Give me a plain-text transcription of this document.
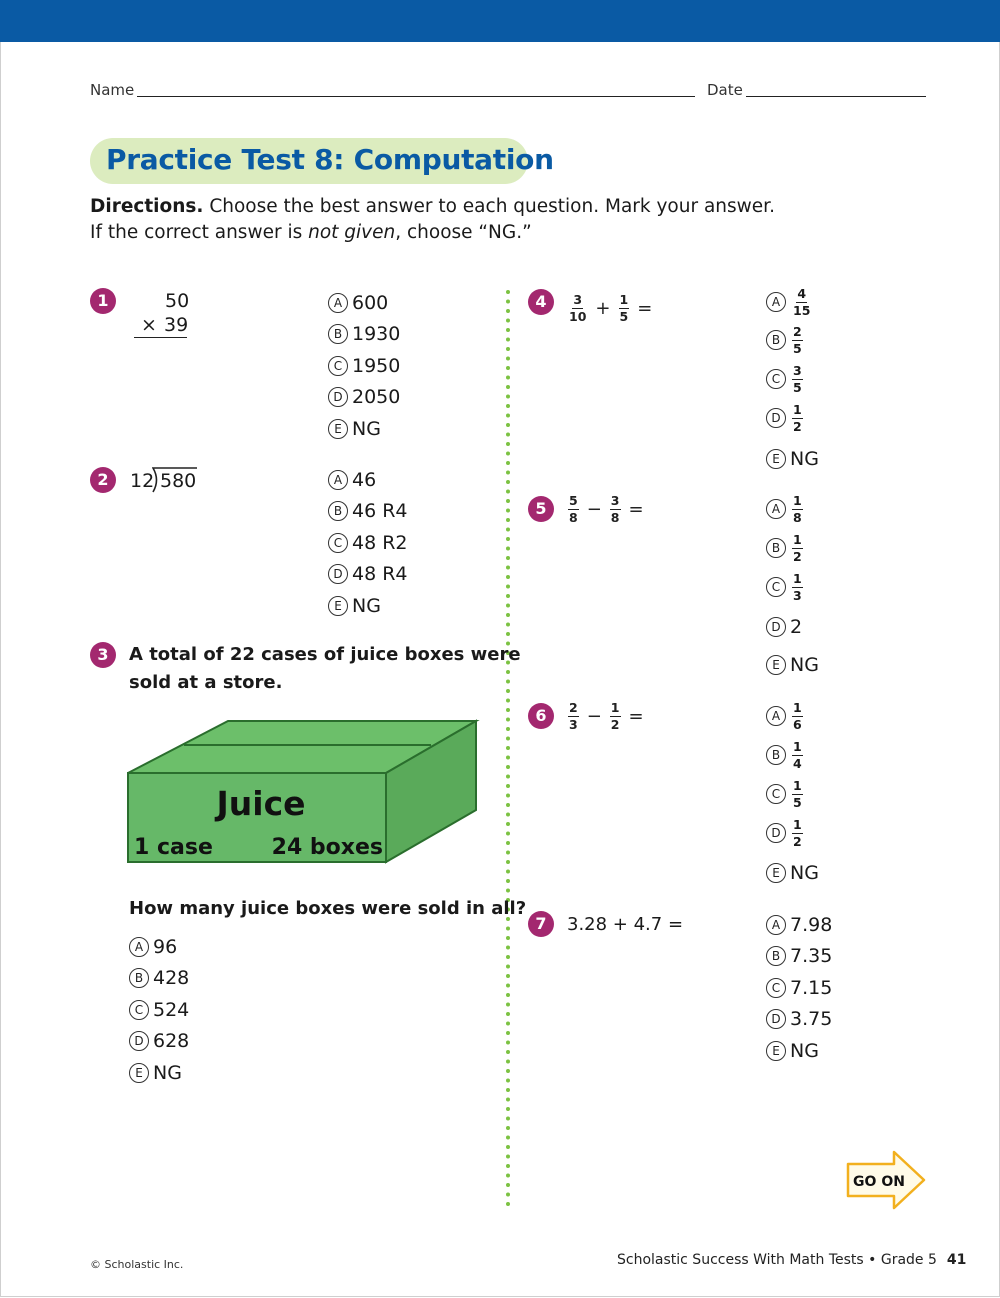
Name	Date
Practice Test 8: Computation
Directions. Choose the best answer to each question. Mark your answer.
If the correct answer is not given, choose “NG.”
1	50
× 39
A 600
B 1930
C 1950
D 2050
E NG
2	12 580	A 46
B 46 R4
C 48 R2
D 48 R4
E NG
3	A total of 22 cases of juice boxes were
sold at a store.
Juice
1 case	24 boxes
How many juice boxes were sold in all?
A 96
B 428
C 524
D 628
E NG
4	$\frac{3}{10} + \frac{1}{5}$ =	A $\frac{4}{15}$
B $\frac{2}{5}$
C $\frac{3}{5}$
D $\frac{1}{2}$
E NG
5	$\frac{5}{8} - \frac{3}{8}$ =	A $\frac{1}{8}$
B $\frac{1}{2}$
C $\frac{1}{3}$
D 2
E NG
6	$\frac{2}{3} - \frac{1}{2}$ =	A $\frac{1}{6}$
B $\frac{1}{4}$
C $\frac{1}{5}$
D $\frac{1}{2}$
E NG
7	3.28 + 4.7 =	A 7.98
B 7.35
C 7.15
D 3.75
E NG
GO ON
© Scholastic Inc.	Scholastic Success With Math Tests • Grade 5 41
